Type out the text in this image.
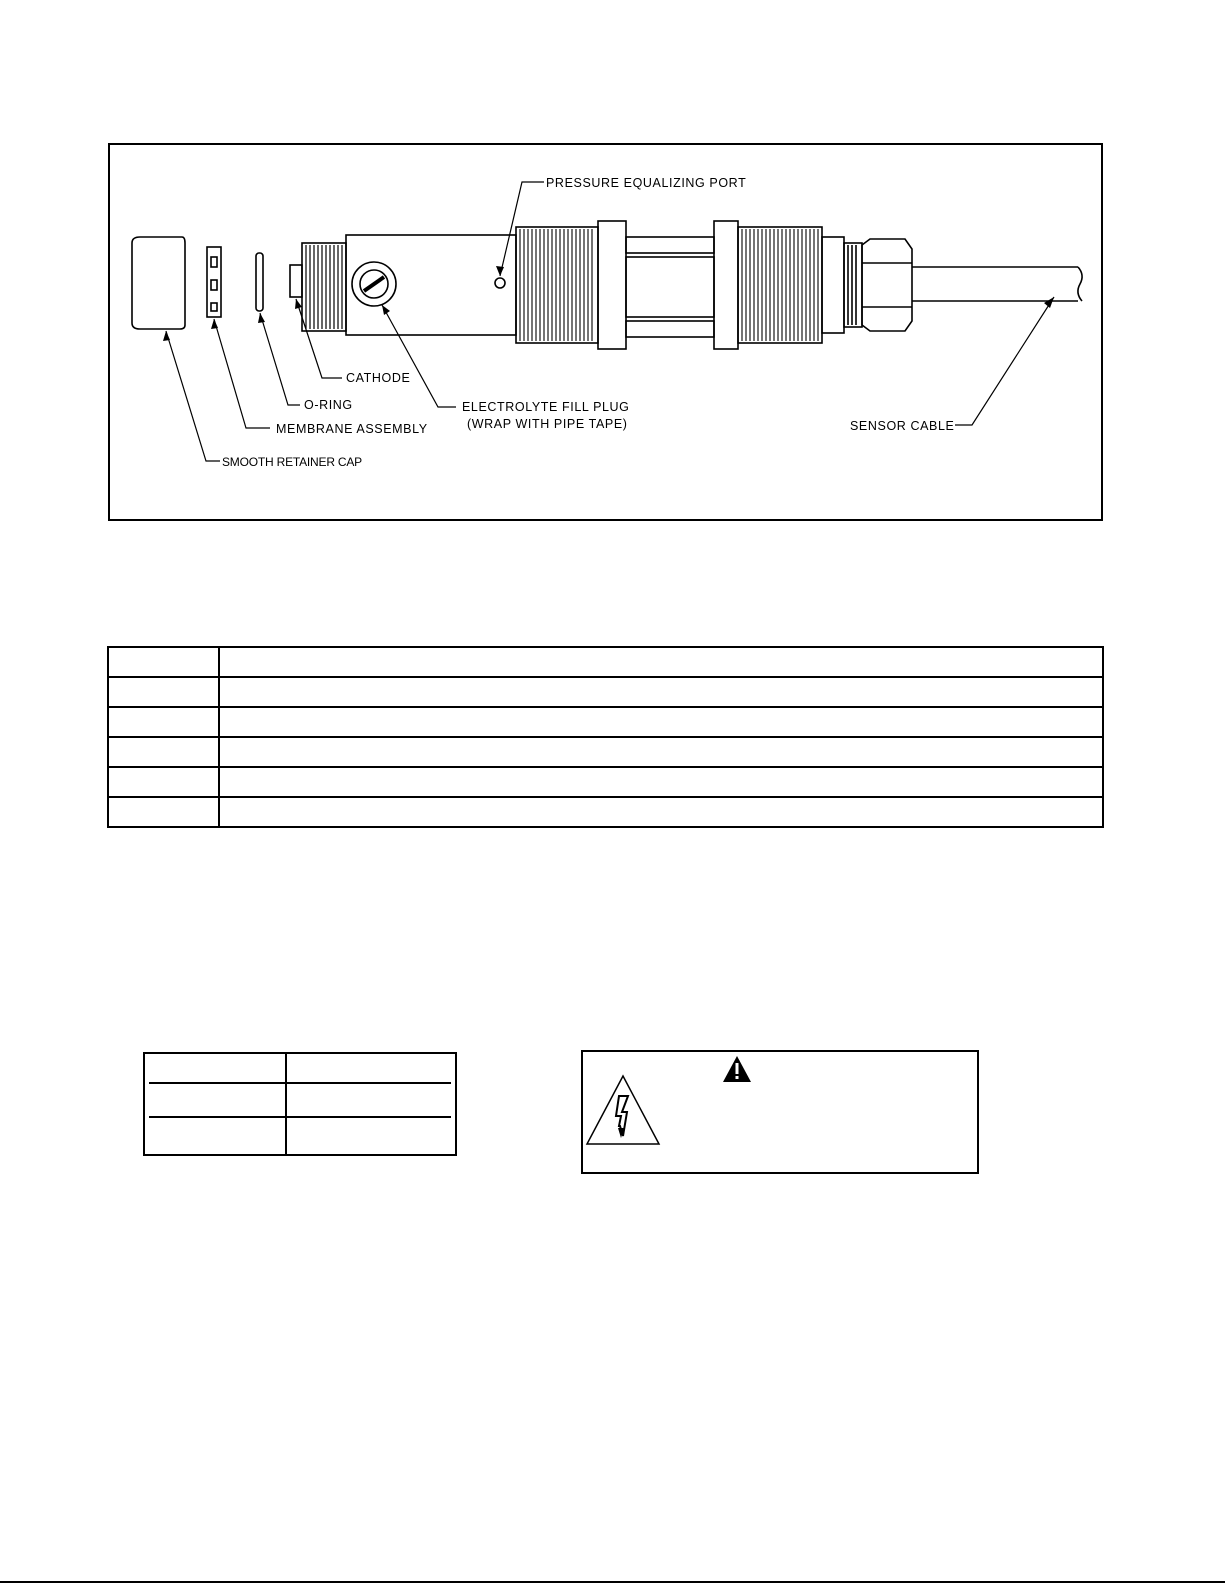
PRESSURE EQUALIZING PORT
CATHODE
O-RING
MEMBRANE ASSEMBLY
SMOOTH RETAINER CAP
ELECTROLYTE FILL PLUG
(WRAP WITH PIPE TAPE)	SENSOR CABLE
